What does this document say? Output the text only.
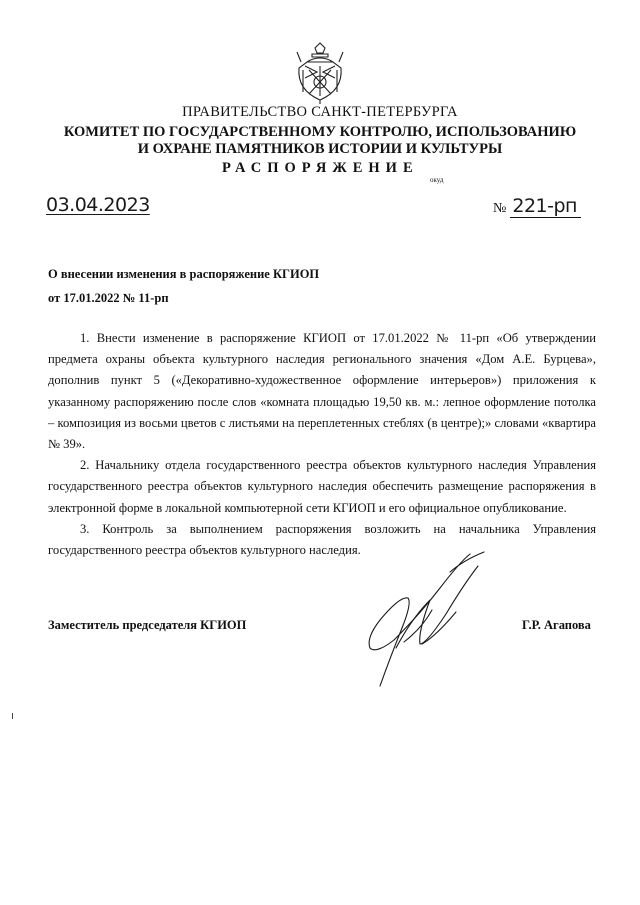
ПРАВИТЕЛЬСТВО САНКТ-ПЕТЕРБУРГА
КОМИТЕТ ПО ГОСУДАРСТВЕННОМУ КОНТРОЛЮ, ИСПОЛЬЗОВАНИЮ
И ОХРАНЕ ПАМЯТНИКОВ ИСТОРИИ И КУЛЬТУРЫ
РАСПОРЯЖЕНИЕ
окуд
03.04.2023	№ 221-рп
О внесении изменения в распоряжение КГИОП
от 17.01.2022 № 11-рп

1. Внести изменение в распоряжение КГИОП от 17.01.2022 № 11-рп «Об утверждении предмета охраны объекта культурного наследия регионального значения «Дом А.Е. Бурцева», дополнив пункт 5 («Декоративно-художественное оформление интерьеров») приложения к указанному распоряжению после слов «комната площадью 19,50 кв. м.: лепное оформление потолка – композиция из восьми цветов с листьями на переплетенных стеблях (в центре);» словами «квартира № 39».

2. Начальнику отдела государственного реестра объектов культурного наследия Управления государственного реестра объектов культурного наследия обеспечить размещение распоряжения в электронной форме в локальной компьютерной сети КГИОП и его официальное опубликование.

3. Контроль за выполнением распоряжения возложить на начальника Управления государственного реестра объектов культурного наследия.

Заместитель председателя КГИОП	Г.Р. Агапова
